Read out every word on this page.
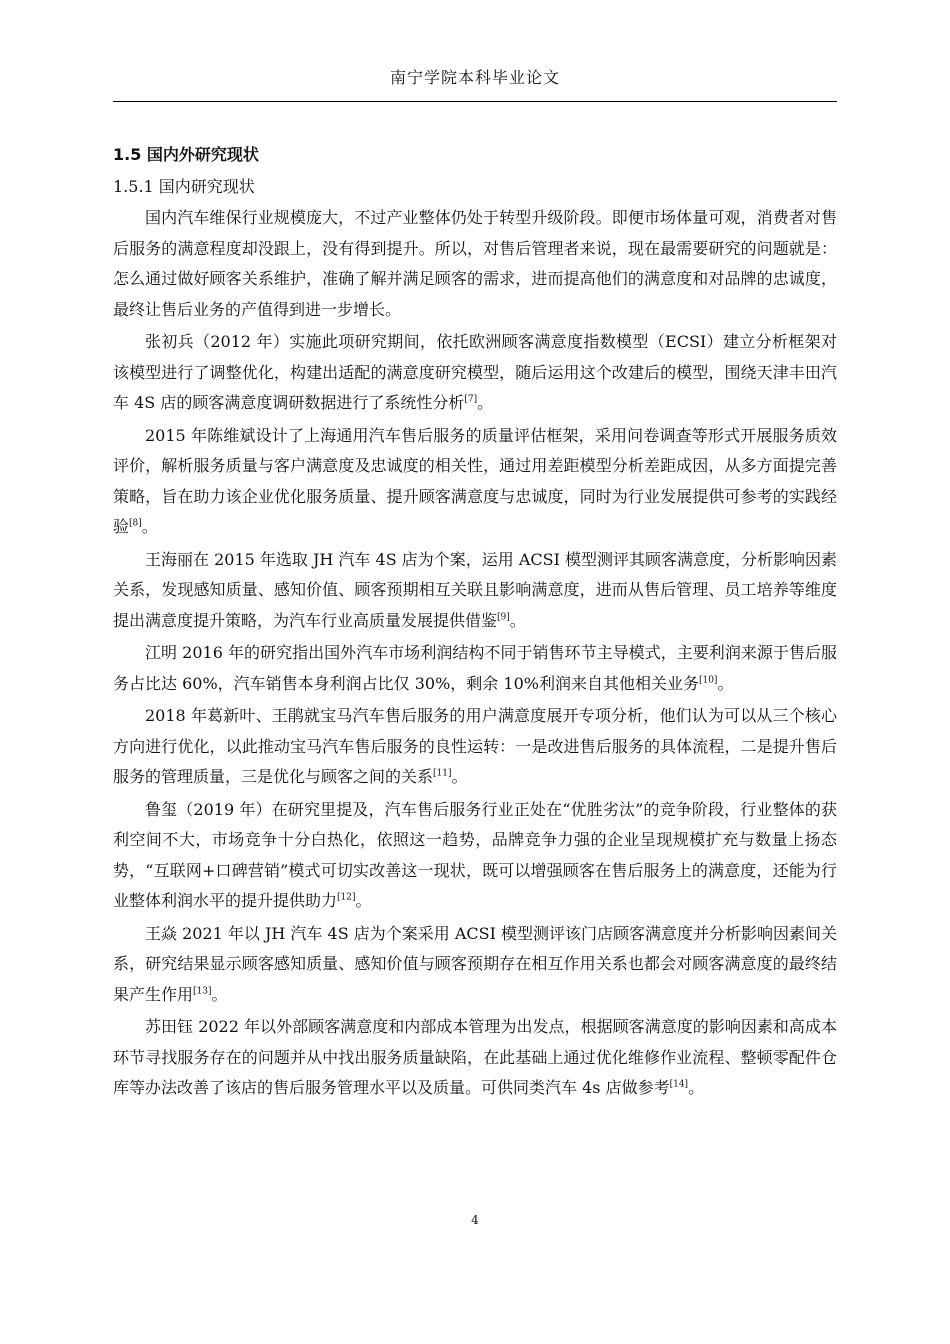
南宁学院本科毕业论文
1.5 国内外研究现状
1.5.1 国内研究现状

国内汽车维保行业规模庞大，不过产业整体仍处于转型升级阶段。即便市场体量可观，消费者对售后服务的满意程度却没跟上，没有得到提升。所以，对售后管理者来说，现在最需要研究的问题就是：怎么通过做好顾客关系维护，准确了解并满足顾客的需求，进而提高他们的满意度和对品牌的忠诚度，最终让售后业务的产值得到进一步增长。

张初兵（2012 年）实施此项研究期间，依托欧洲顾客满意度指数模型（ECSI）建立分析框架对该模型进行了调整优化，构建出适配的满意度研究模型，随后运用这个改建后的模型，围绕天津丰田汽车 4S 店的顾客满意度调研数据进行了系统性分析[7]。

2015 年陈维斌设计了上海通用汽车售后服务的质量评估框架，采用问卷调查等形式开展服务质效评价，解析服务质量与客户满意度及忠诚度的相关性，通过用差距模型分析差距成因，从多方面提完善策略，旨在助力该企业优化服务质量、提升顾客满意度与忠诚度，同时为行业发展提供可参考的实践经验[8]。

王海丽在 2015 年选取 JH 汽车 4S 店为个案，运用 ACSI 模型测评其顾客满意度，分析影响因素关系，发现感知质量、感知价值、顾客预期相互关联且影响满意度，进而从售后管理、员工培养等维度提出满意度提升策略，为汽车行业高质量发展提供借鉴[9]。

江明 2016 年的研究指出国外汽车市场利润结构不同于销售环节主导模式，主要利润来源于售后服务占比达 60%，汽车销售本身利润占比仅 30%，剩余 10%利润来自其他相关业务[10]。

2018 年葛新叶、王鹃就宝马汽车售后服务的用户满意度展开专项分析，他们认为可以从三个核心方向进行优化，以此推动宝马汽车售后服务的良性运转：一是改进售后服务的具体流程，二是提升售后服务的管理质量，三是优化与顾客之间的关系[11]。

鲁玺（2019 年）在研究里提及，汽车售后服务行业正处在“优胜劣汰”的竞争阶段，行业整体的获利空间不大，市场竞争十分白热化，依照这一趋势，品牌竞争力强的企业呈现规模扩充与数量上扬态势，“互联网+口碑营销”模式可切实改善这一现状，既可以增强顾客在售后服务上的满意度，还能为行业整体利润水平的提升提供助力[12]。

王焱 2021 年以 JH 汽车 4S 店为个案采用 ACSI 模型测评该门店顾客满意度并分析影响因素间关系，研究结果显示顾客感知质量、感知价值与顾客预期存在相互作用关系也都会对顾客满意度的最终结果产生作用[13]。

苏田钰 2022 年以外部顾客满意度和内部成本管理为出发点，根据顾客满意度的影响因素和高成本环节寻找服务存在的问题并从中找出服务质量缺陷，在此基础上通过优化维修作业流程、整顿零配件仓库等办法改善了该店的售后服务管理水平以及质量。可供同类汽车 4s 店做参考[14]。

4
